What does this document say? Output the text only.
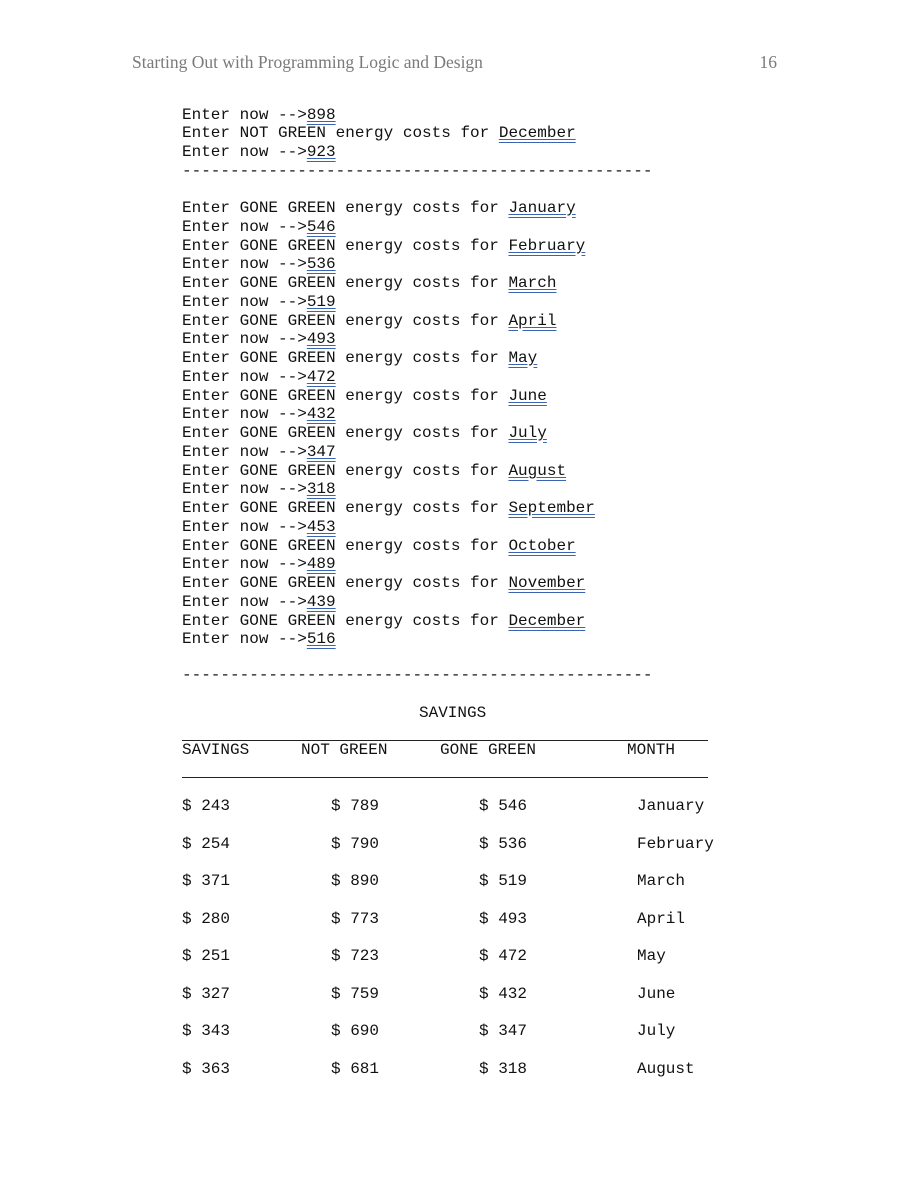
Starting Out with Programming Logic and Design	16
Enter now -->898
Enter NOT GREEN energy costs for December
Enter now -->923
-------------------------------------------------
Enter GONE GREEN energy costs for January
Enter now -->546
Enter GONE GREEN energy costs for February
Enter now -->536
Enter GONE GREEN energy costs for March
Enter now -->519
Enter GONE GREEN energy costs for April
Enter now -->493
Enter GONE GREEN energy costs for May
Enter now -->472
Enter GONE GREEN energy costs for June
Enter now -->432
Enter GONE GREEN energy costs for July
Enter now -->347
Enter GONE GREEN energy costs for August
Enter now -->318
Enter GONE GREEN energy costs for September
Enter now -->453
Enter GONE GREEN energy costs for October
Enter now -->489
Enter GONE GREEN energy costs for November
Enter now -->439
Enter GONE GREEN energy costs for December
Enter now -->516
-------------------------------------------------
SAVINGS
SAVINGS	NOT GREEN	GONE GREEN	MONTH
$ 243	$ 789	$ 546	January
$ 254	$ 790	$ 536	February
$ 371	$ 890	$ 519	March
$ 280	$ 773	$ 493	April
$ 251	$ 723	$ 472	May
$ 327	$ 759	$ 432	June
$ 343	$ 690	$ 347	July
$ 363	$ 681	$ 318	August
